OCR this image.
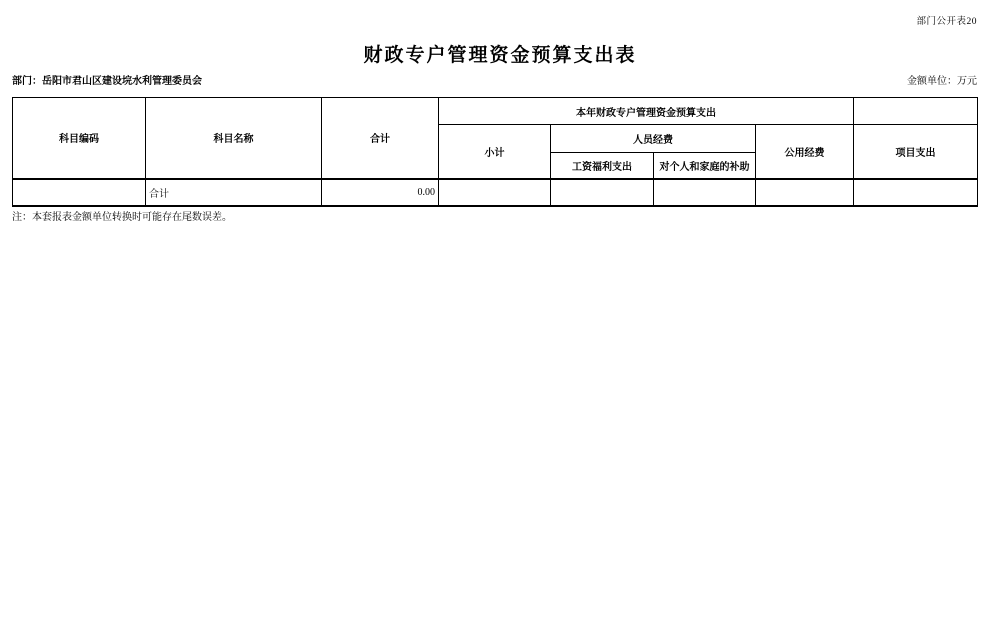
部门公开表20
财政专户管理资金预算支出表
部门：岳阳市君山区建设垸水利管理委员会	金额单位：万元
科目编码	科目名称	合计	本年财政专户管理资金预算支出				
			小计	人员经费		公用经费	项目支出
				工资福利支出	对个人和家庭的补助		
	合计	0.00					
注：本套报表金额单位转换时可能存在尾数误差。
